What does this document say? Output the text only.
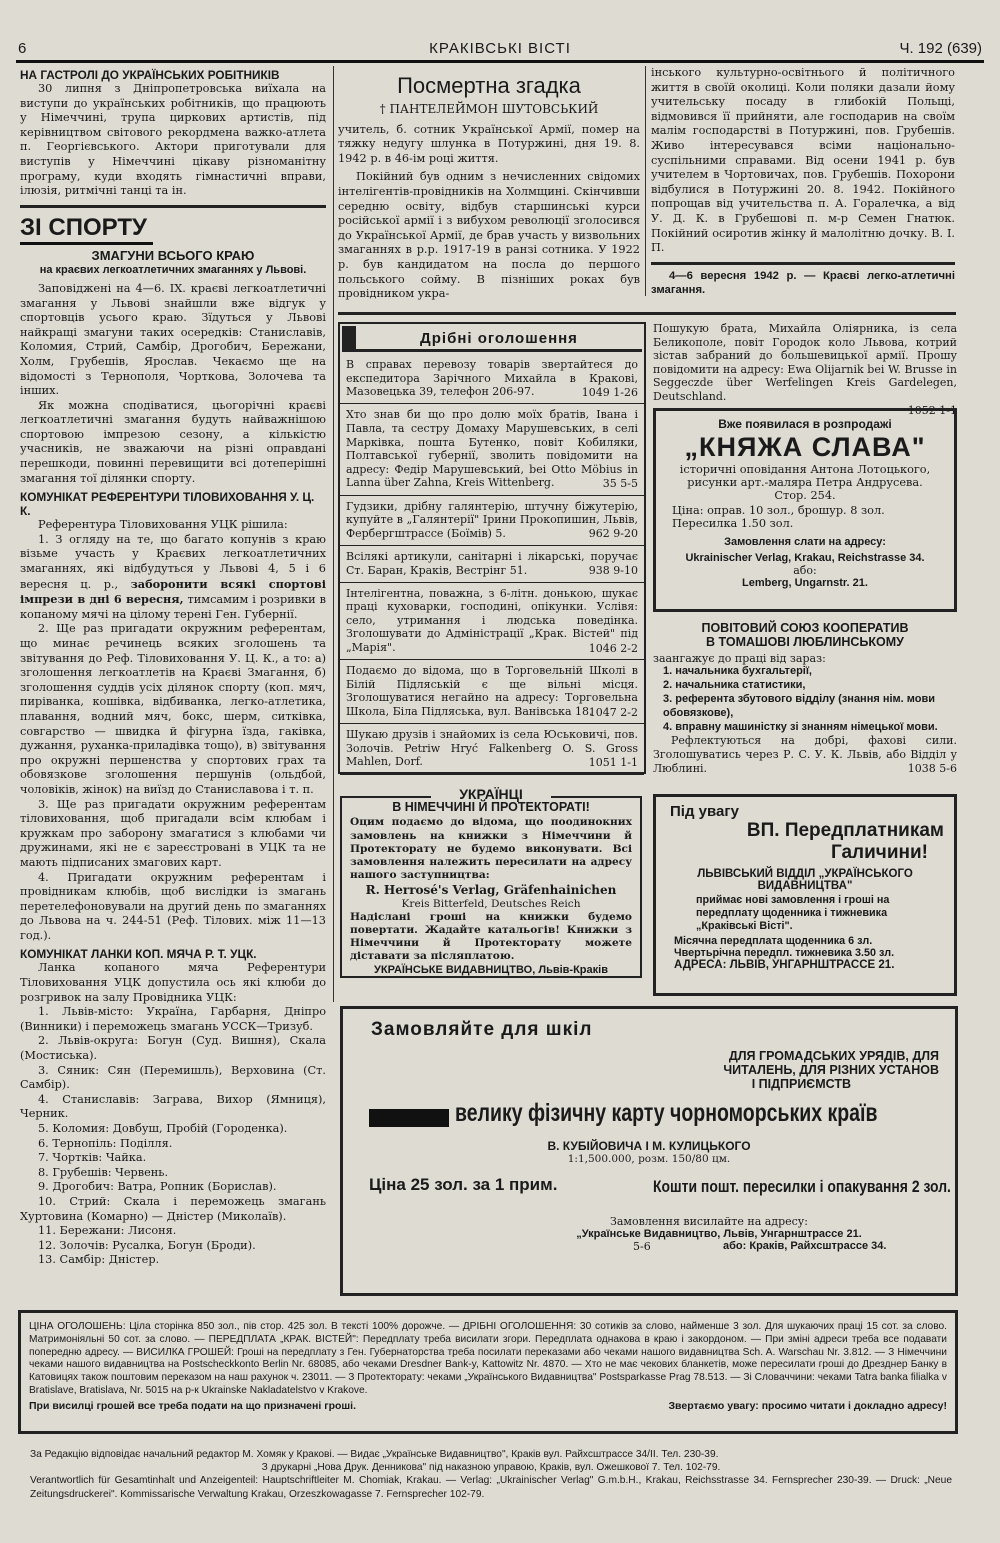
6	КРАКІВСЬКІ ВІСТІ	Ч. 192 (639)
НА ГАСТРОЛІ ДО УКРАЇНСЬКИХ РОБІТНИКІВ

30 липня з Дніпропетровська виїхала на виступи до українських робітників, що працюють у Німеччині, трупа циркових артистів, під керівництвом світового рекордмена важко-атлета п. Георгієвського. Актори приготували для виступів у Німеччині цікаву різноманітну програму, куди входять гімнастичні вправи, ілюзія, ритмічні танці та ін.

ЗІ СПОРТУ
ЗМАГУНИ ВСЬОГО КРАЮ
на краєвих легкоатлетичних змаганнях у Львові.

Заповіджені на 4—6. IX. краєві легкоатлетичні змагання у Львові знайшли вже відгук у спортовців усього краю. Зїдуться у Львові найкращі змагуни таких осередків: Станиславів, Коломия, Стрий, Самбір, Дрогобич, Бережани, Холм, Грубешів, Ярослав. Чекаємо ще на відомості з Тернополя, Чорткова, Золочева та інших.

Як можна сподіватися, цьогорічні краєві легкоатлетичні змагання будуть найважнішою спортовою імпрезою сезону, а кількістю учасників, не зважаючи на різні оправдані перешкоди, повинні перевищити всі дотеперішні змагання тої ділянки спорту.

КОМУНІКАТ РЕФЕРЕНТУРИ ТІЛОВИХОВАННЯ У. Ц. К.

Референтура Тіловиховання УЦК рішила:

1. З огляду на те, що багато копунів з краю візьме участь у Краєвих легкоатлетичних змаганнях, які відбудуться у Львові 4, 5 і 6 вересня ц. р., заборонити всякі спортові імпрези в дні 6 вересня, тимсамим і розривки в копаному мячі на цілому терені Ген. Губернії.

2. Ще раз пригадати окружним референтам, що минає речинець всяких зголошень та звітування до Реф. Тіловиховання У. Ц. К., а то: а) зголошення легкоатлетів на Краєві Змагання, б) зголошення суддів усіх ділянок спорту (коп. мяч, пиріванка, кошівка, відбиванка, легко-атлетика, плавання, водний мяч, бокс, шерм, ситківка, совгарство — швидка й фігурна їзда, гаківка, дужання, руханка-приладівка тощо), в) звітування про окружні першенства у спортових грах та обовязкове зголошення першунів (ольдбой, чоловіків, жінок) на виїзд до Станиславова і т. п.

3. Ще раз пригадати окружним референтам тіловиховання, щоб пригадали всім клюбам і кружкам про заборону змагатися з клюбами чи дружинами, які не є зареєстровані в УЦК та не мають підписаних змагових карт.

4. Пригадати окружним референтам і провідникам клюбів, щоб вислідки із змагань перетелефоновували на другий день по змаганнях до Львова на ч. 244-51 (Реф. Тілових. між 11—13 год.).

КОМУНІКАТ ЛАНКИ КОП. МЯЧА Р. Т. УЦК.

Ланка копаного мяча Референтури Тіловиховання УЦК допустила ось які клюби до розгривок на залу Провідника УЦК:

1. Львів-місто: Україна, Гарбарня, Дніпро (Винники) і переможець змагань УССК—Тризуб.
2. Львів-округа: Богун (Суд. Вишня), Скала (Мостиська).
3. Сяник: Сян (Перемишль), Верховина (Ст. Самбір).
4. Станиславів: Заграва, Вихор (Ямниця), Черник.
5. Коломия: Довбуш, Пробій (Городенка).
6. Тернопіль: Поділля.
7. Чортків: Чайка.
8. Грубешів: Червень.
9. Дрогобич: Ватра, Ропник (Борислав).
10. Стрий: Скала і переможець змагань Хуртовина (Комарно) — Дністер (Миколаїв).
11. Бережани: Лисоня.
12. Золочів: Русалка, Богун (Броди).
13. Самбір: Дністер.
Посмертна згадка
† ПАНТЕЛЕЙМОН ШУТОВСЬКИЙ

учитель, б. сотник Української Армії, помер на тяжку недугу шлунка в Потуржині, дня 19. 8. 1942 р. в 46-ім році життя.

Покійний був одним з нечисленних свідомих інтелігентів-провідників на Холмщині. Скінчивши середню освіту, відбув старшинські курси російської армії і з вибухом революції зголосився до Української Армії, де брав участь у визвольних змаганнях в р.р. 1917-19 в ранзі сотника. У 1922 р. був кандидатом на посла до першого польського сойму. В пізніших роках був провідником укра-

інського культурно-освітнього й політичного життя в своїй околиці. Коли поляки дазали йому учительську посаду в глибокій Польщі, відмовився її прийняти, але господарив на своїм малім господарстві в Потуржині, пов. Грубешів. Живо інтересувався всіми національно-суспільними справами. Від осени 1941 р. був учителем в Чортовичах, пов. Грубешів. Похорони відбулися в Потуржині 20. 8. 1942. Покійного попрощав від учительства п. А. Горалечка, а від У. Д. К. в Грубешові п. м-р Семен Гнатюк. Покійний осиротив жінку й малолітню дочку. В. І. П.

4—6 вересня 1942 р. — Краєві легко-атлетичні змагання.
Дрібні оголошення
В справах перевозу товарів звертайтеся до експедитора Зарічного Михайла в Кракові, Мазовецька 39, телефон 206-97.	1049 1-26
Хто знав би що про долю моїх братів, Івана і Павла, та сестру Домаху Марушевських, в селі Марківка, пошта Бутенко, повіт Кобиляки, Полтавської губернії, зволить повідомити на адресу: Федір Марушевський, bei Otto Möbius in Lanna über Zahna, Kreis Wittenberg.	35 5-5
Гудзики, дрібну галянтерію, штучну біжутерію, купуйте в „Галянтерії" Ірини Прокопишин, Львів, Фербергштрассе (Боїмів) 5.	962 9-20
Всілякі артикули, санітарні і лікарські, поручає Ст. Баран, Краків, Вестрінг 51.	938 9-10
Інтелігентна, поважна, з 6-літн. донькою, шукає праці куховарки, господині, опікунки. Услівя: село, утримання і людська поведінка. Зголошувати до Адміністрації „Крак. Вістей" під „Марія".	1046 2-2
Подаємо до відома, що в Торговельній Школі в Білій Підляській є ще вільні місця. Зголошуватися негайно на адресу: Торговельна Школа, Біла Підляська, вул. Ванівська 18.
1047 2-2
Шукаю друзів і знайомих із села Юськовичі, пов. Золочів. Petriw Hryć Falkenberg O. S. Gross Mahlen, Dorf.	1051 1-1
УКРАЇНЦІ
В НІМЕЧЧИНІ Й ПРОТЕКТОРАТІ!
Оцим подаємо до відома, що поодинокних замовлень на книжки з Німеччини й Протекторату не будемо виконувати. Всі замовлення належить пересилати на адресу нашого заступництва:
R. Herrosé's Verlag, Gräfenhainichen
Kreis Bitterfeld, Deutsches Reich
Надіслані гроші на книжки будемо повертати. Жадайте катальогів! Книжки з Німеччини й Протекторату можете діставати за післяплатою.
УКРАЇНСЬКЕ ВИДАВНИЦТВО, Львів-Краків
Пошукую брата, Михайла Оліярника, із села Беликополе, повіт Городок коло Львова, котрий зістав забраний до большевицької армії. Прошу повідомити на адресу: Ewa Olijarnik bei W. Brusse in Seggeczde über Werfelingen Kreis Gardelegen, Deutschland.
1052 1-1
Вже появилася в розпродажі
„КНЯЖА СЛАВА"
історичні оповідання Антона Лотоцького,
рисунки арт.-маляра Петра Андрусева.
Стор. 254.
Ціна: оправ. 10 зол., брошур. 8 зол. Пересилка 1.50 зол.
Замовлення слати на адресу:
Ukrainischer Verlag, Krakau, Reichstrasse 34.
або:
Lemberg, Ungarnstr. 21.
ПОВІТОВИЙ СОЮЗ КООПЕРАТИВ
В ТОМАШОВІ ЛЮБЛИНСЬКОМУ
заангажує до праці від зараз:
1. начальника бухгальтерії,
2. начальника статистики,
3. референта збутового відділу (знання нім. мови обовязкове),
4. вправну машиністку зі знанням німецької мови.
Рефлектуються на добрі, фахові сили. Зголошуватись через Р. С. У. К. Львів, або Відділ у Люблині.	1038 5-6
Під увагу
ВП. Передплатникам
Галичини!
ЛЬВІВСЬКИЙ ВІДДІЛ „УКРАЇНСЬКОГО
ВИДАВНИЦТВА"
приймає нові замовлення і гроші на передплату щоденника і тижневика „Краківські Вісті".
Місячна передплата щоденника 6 зл.
Чвертьрічна передпл. тижневика 3.50 зл.
АДРЕСА: ЛЬВІВ, УНГАРНШТРАССЕ 21.
Замовляйте для шкіл
ДЛЯ ГРОМАДСЬКИХ УРЯДІВ, ДЛЯ
ЧИТАЛЕНЬ, ДЛЯ РІЗНИХ УСТАНОВ
І ПІДПРИЄМСТВ
велику фізичну карту чорноморських країв
В. КУБІЙОВИЧА І М. КУЛИЦЬКОГО
1:1,500.000, розм. 150/80 цм.
Ціна 25 зол. за 1 прим.	Кошти пошт. пересилки і опакування 2 зол.
Замовлення висилайте на адресу:
„Українське Видавництво, Львів, Унгарнштрассе 21.
5-6	або: Краків, Райхсштрассе 34.
ЦІНА ОГОЛОШЕНЬ: Ціла сторінка 850 зол., пів стор. 425 зол. В тексті 100% дорожче. — ДРІБНІ ОГОЛОШЕННЯ: 30 сотиків за слово, найменше 3 зол. Для шукаючих праці 15 сот. за слово. Матримоніяльні 50 сот. за слово. — ПЕРЕДПЛАТА „КРАК. ВІСТЕЙ": Передплату треба висилати згори. Передплата однакова в краю і закордоном. — При зміні адреси треба все подавати попередню адресу. — ВИСИЛКА ГРОШЕЙ: Гроші на передплату з Ген. Губернаторства треба посилати переказами або чеками нашого видавництва Sch. A. Warschau Nr. 3.812. — З Німеччини чеками нашого видавництва на Postscheckkonto Berlin Nr. 68085, або чеками Dresdner Bank-y, Kattowitz Nr. 4870. — Хто не має чекових бланкетів, може пересилати гроші до Дрезднер Банку в Катовицях також поштовим переказом на наш рахунок ч. 23011. — З Протекторату: чеками „Українського Видавництва" Postsparkasse Prag 78.513. — Зі Словаччини: чеками Tatra banka filialka v Bratislave, Bratislava, Nr. 5015 на р-к Ukrainske Nakladatelstvo v Krakove.
При висилці грошей все треба подати на що призначені гроші.	Звертаємо увагу: просимо читати і докладно адресу!
За Редакцію відповідає начальний редактор М. Хомяк у Кракові. — Видає „Українське Видавництво", Краків вул. Райхсштрассе 34/II. Тел. 230-39.
З друкарні „Нова Друк. Денникова" під наказною управою, Краків, вул. Ожешкової 7. Тел. 102-79.
Verantwortlich für Gesamtinhalt und Anzeigenteil: Hauptschriftleiter M. Chomiak, Krakau. — Verlag: „Ukrainischer Verlag" G.m.b.H., Krakau, Reichsstrasse 34. Fernsprecher 230-39. — Druck: „Neue Zeitungsdruckerei". Kommissarische Verwaltung Krakau, Orzeszkowagasse 7. Fernsprecher 102-79.
